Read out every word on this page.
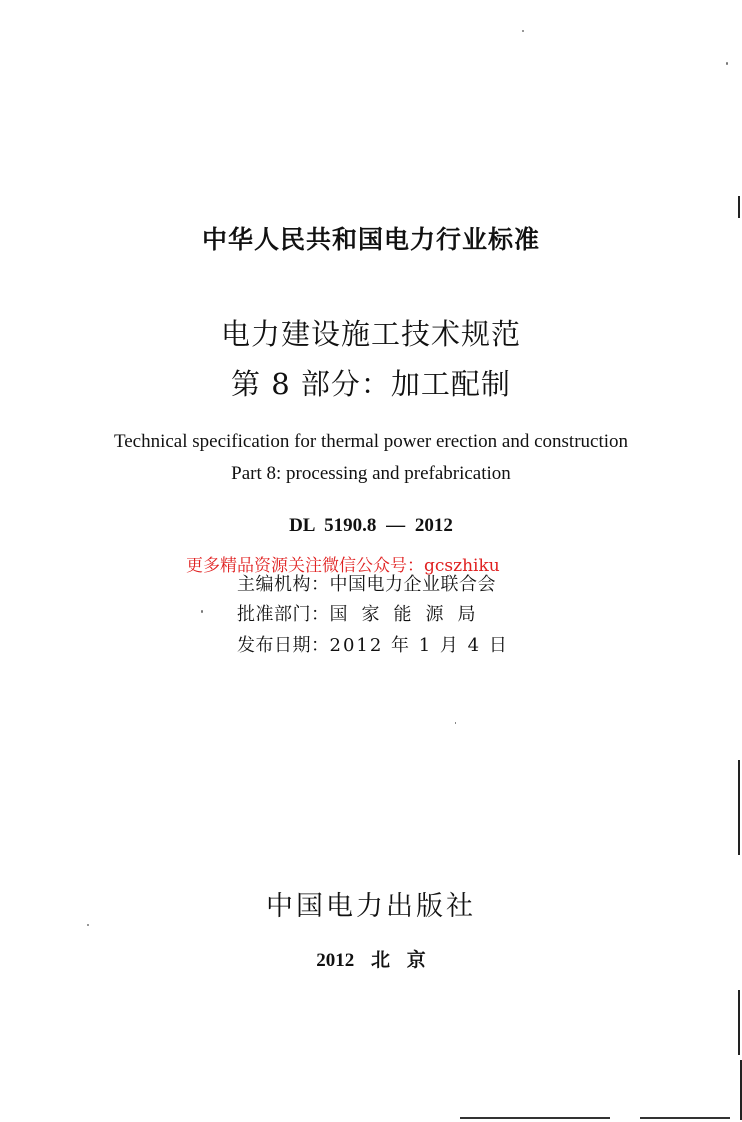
中华人民共和国电力行业标准
电力建设施工技术规范
第 8 部分：加工配制
Technical specification for thermal power erection and construction
Part 8: processing and prefabrication
DL 5190.8 — 2012
更多精品资源关注微信公众号：gcszhiku
主编机构：中国电力企业联合会
批准部门：国家能源局
发布日期：2012 年 1 月 4 日
中国电力出版社
2012 北 京
